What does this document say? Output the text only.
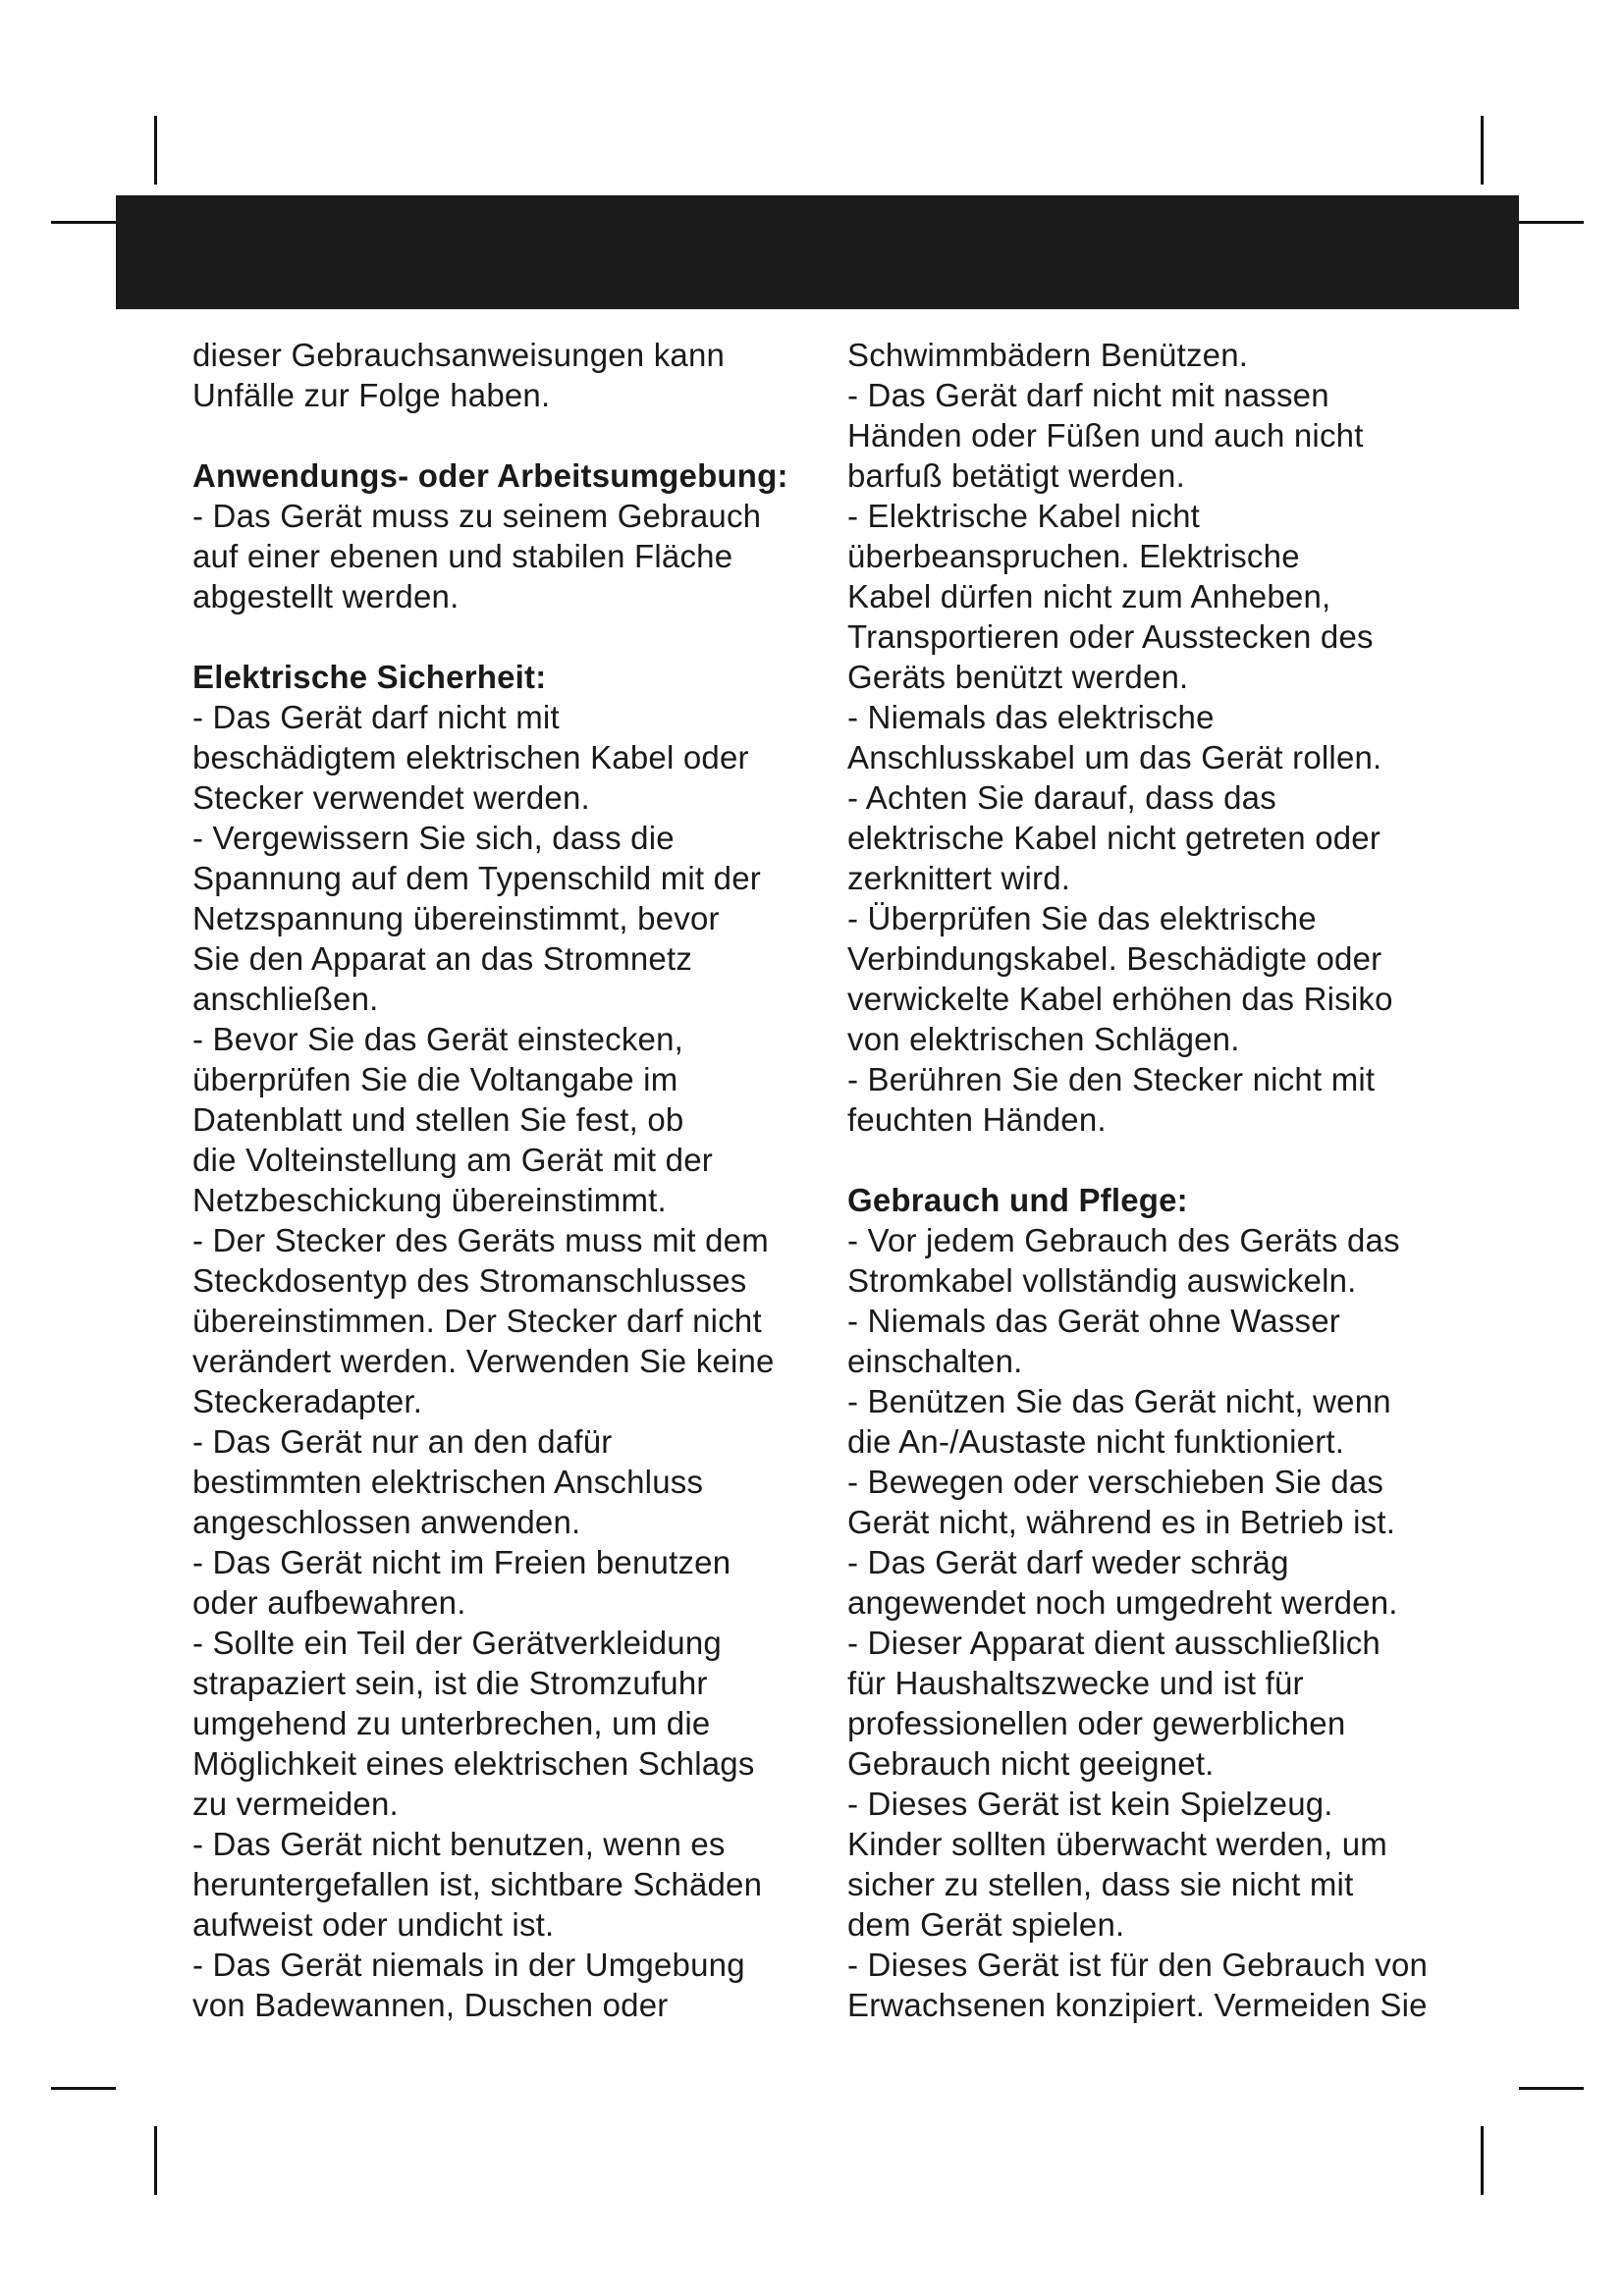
dieser Gebrauchsanweisungen kann
Unfälle zur Folge haben.

Anwendungs- oder Arbeitsumgebung:

- Das Gerät muss zu seinem Gebrauch
auf einer ebenen und stabilen Fläche
abgestellt werden.

Elektrische Sicherheit:

- Das Gerät darf nicht mit
beschädigtem elektrischen Kabel oder
Stecker verwendet werden.

- Vergewissern Sie sich, dass die
Spannung auf dem Typenschild mit der
Netzspannung übereinstimmt, bevor
Sie den Apparat an das Stromnetz
anschließen.

- Bevor Sie das Gerät einstecken,
überprüfen Sie die Voltangabe im
Datenblatt und stellen Sie fest, ob
die Volteinstellung am Gerät mit der
Netzbeschickung übereinstimmt.

- Der Stecker des Geräts muss mit dem
Steckdosentyp des Stromanschlusses
übereinstimmen. Der Stecker darf nicht
verändert werden. Verwenden Sie keine
Steckeradapter.

- Das Gerät nur an den dafür
bestimmten elektrischen Anschluss
angeschlossen anwenden.

- Das Gerät nicht im Freien benutzen
oder aufbewahren.

- Sollte ein Teil der Gerätverkleidung
strapaziert sein, ist die Stromzufuhr
umgehend zu unterbrechen, um die
Möglichkeit eines elektrischen Schlags
zu vermeiden.

- Das Gerät nicht benutzen, wenn es
heruntergefallen ist, sichtbare Schäden
aufweist oder undicht ist.

- Das Gerät niemals in der Umgebung
von Badewannen, Duschen oder

Schwimmbädern Benützen.

- Das Gerät darf nicht mit nassen
Händen oder Füßen und auch nicht
barfuß betätigt werden.

- Elektrische Kabel nicht
überbeanspruchen. Elektrische
Kabel dürfen nicht zum Anheben,
Transportieren oder Ausstecken des
Geräts benützt werden.

- Niemals das elektrische
Anschlusskabel um das Gerät rollen.

- Achten Sie darauf, dass das
elektrische Kabel nicht getreten oder
zerknittert wird.

- Überprüfen Sie das elektrische
Verbindungskabel. Beschädigte oder
verwickelte Kabel erhöhen das Risiko
von elektrischen Schlägen.

- Berühren Sie den Stecker nicht mit
feuchten Händen.

Gebrauch und Pflege:

- Vor jedem Gebrauch des Geräts das
Stromkabel vollständig auswickeln.

- Niemals das Gerät ohne Wasser
einschalten.

- Benützen Sie das Gerät nicht, wenn
die An-/Austaste nicht funktioniert.

- Bewegen oder verschieben Sie das
Gerät nicht, während es in Betrieb ist.

- Das Gerät darf weder schräg
angewendet noch umgedreht werden.

- Dieser Apparat dient ausschließlich
für Haushaltszwecke und ist für
professionellen oder gewerblichen
Gebrauch nicht geeignet.

- Dieses Gerät ist kein Spielzeug.
Kinder sollten überwacht werden, um
sicher zu stellen, dass sie nicht mit
dem Gerät spielen.

- Dieses Gerät ist für den Gebrauch von
Erwachsenen konzipiert. Vermeiden Sie
